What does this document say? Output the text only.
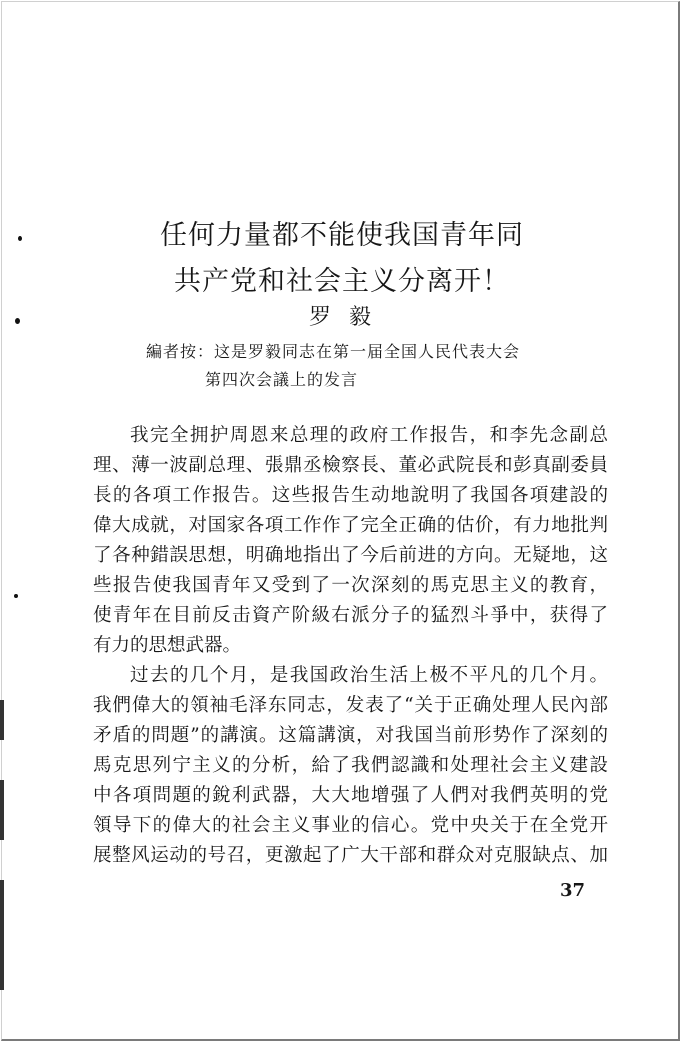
任何力量都不能使我国青年同
共产党和社会主义分离开！
罗毅
編者按：这是罗毅同志在第一届全国人民代表大会
第四次会議上的发言
我完全拥护周恩来总理的政府工作报告，和李先念副总
理、薄一波副总理、張鼎丞檢察長、董必武院長和彭真副委員
長的各項工作报告。这些报告生动地說明了我国各項建設的
偉大成就，对国家各項工作作了完全正确的估价，有力地批判
了各种錯誤思想，明确地指出了今后前进的方向。无疑地，这
些报告使我国青年又受到了一次深刻的馬克思主义的教育，
使青年在目前反击資产阶級右派分子的猛烈斗爭中，获得了
有力的思想武器。
过去的几个月，是我国政治生活上极不平凡的几个月。
我們偉大的領袖毛泽东同志，发表了“关于正确处理人民內部
矛盾的問題”的講演。这篇講演，对我国当前形势作了深刻的
馬克思列宁主义的分析，給了我們認識和处理社会主义建設
中各項問題的銳利武器，大大地增强了人們对我們英明的党
領导下的偉大的社会主义事业的信心。党中央关于在全党开
展整风运动的号召，更激起了广大干部和群众对克服缺点、加
37
